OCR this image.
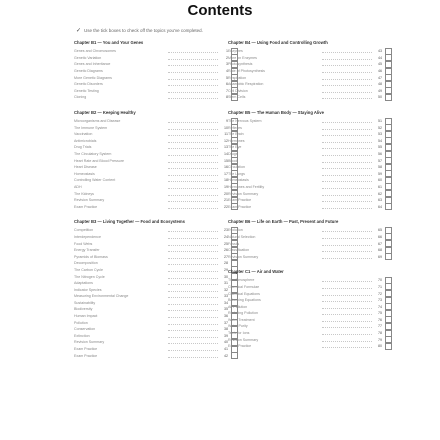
Contents
✓ Use the tick boxes to check off the topics you've completed.
Chapter B1 — You and Your Genes
Genes and Chromosomes	1
Genetic Variation	2
Genes and Inheritance	3
Genetic Diagrams	4
More Genetic Diagrams	5
Genetic Disorders	6
Genetic Testing	7
Cloning	8
Chapter B2 — Keeping Healthy
Microorganisms and Disease	9
The Immune System	10
Vaccination	11
Antimicrobials	12
Drug Trials	13
The Circulatory System	14
Heart Rate and Blood Pressure	15
Heart Disease	16
Homeostasis	17
Controlling Water Content	18
ADH	19
The Kidneys	20
Revision Summary	21
Exam Practice	22
Chapter B3 — Living Together — Food and Ecosystems
Competition	23
Interdependence	24
Food Webs	25
Energy Transfer	26
Pyramids of Biomass	27
Decomposition	28
The Carbon Cycle	29
The Nitrogen Cycle	30
Adaptations	31
Indicator Species	32
Measuring Environmental Change	33
Sustainability	34
Biodiversity	35
Human Impact	36
Pollution	37
Conservation	38
Extinction	39
Revision Summary	40
Exam Practice	41
Exam Practice	42
Chapter B4 — Using Food and Controlling Growth
Enzymes	43
More on Enzymes	44
Photosynthesis	45
Rate of Photosynthesis	46
Respiration	47
Anaerobic Respiration	48
Cell Division	49
Stem Cells	50
Chapter B5 — The Human Body — Staying Alive
The Nervous System	51
Reflexes	52
The Brain	53
Hormones	54
The Eye	55
Drugs	56
Blood	57
Circulation	58
The Lungs	59
Homeostasis	60
Hormones and Fertility	61
Revision Summary	62
Exam Practice	63
Exam Practice	64
Chapter B6 — Life on Earth — Past, Present and Future
Evolution	65
Natural Selection	66
Fossils	67
Classification	68
Revision Summary	69
Chapter C1 — Air and Water
The Atmosphere	70
Chemical Formulae	71
Chemical Equations	72
Balancing Equations	73
Air Pollution	74
Reducing Pollution	75
Water Treatment	76
Water Purity	77
Tests for Ions	78
Revision Summary	79
Exam Practice	80
